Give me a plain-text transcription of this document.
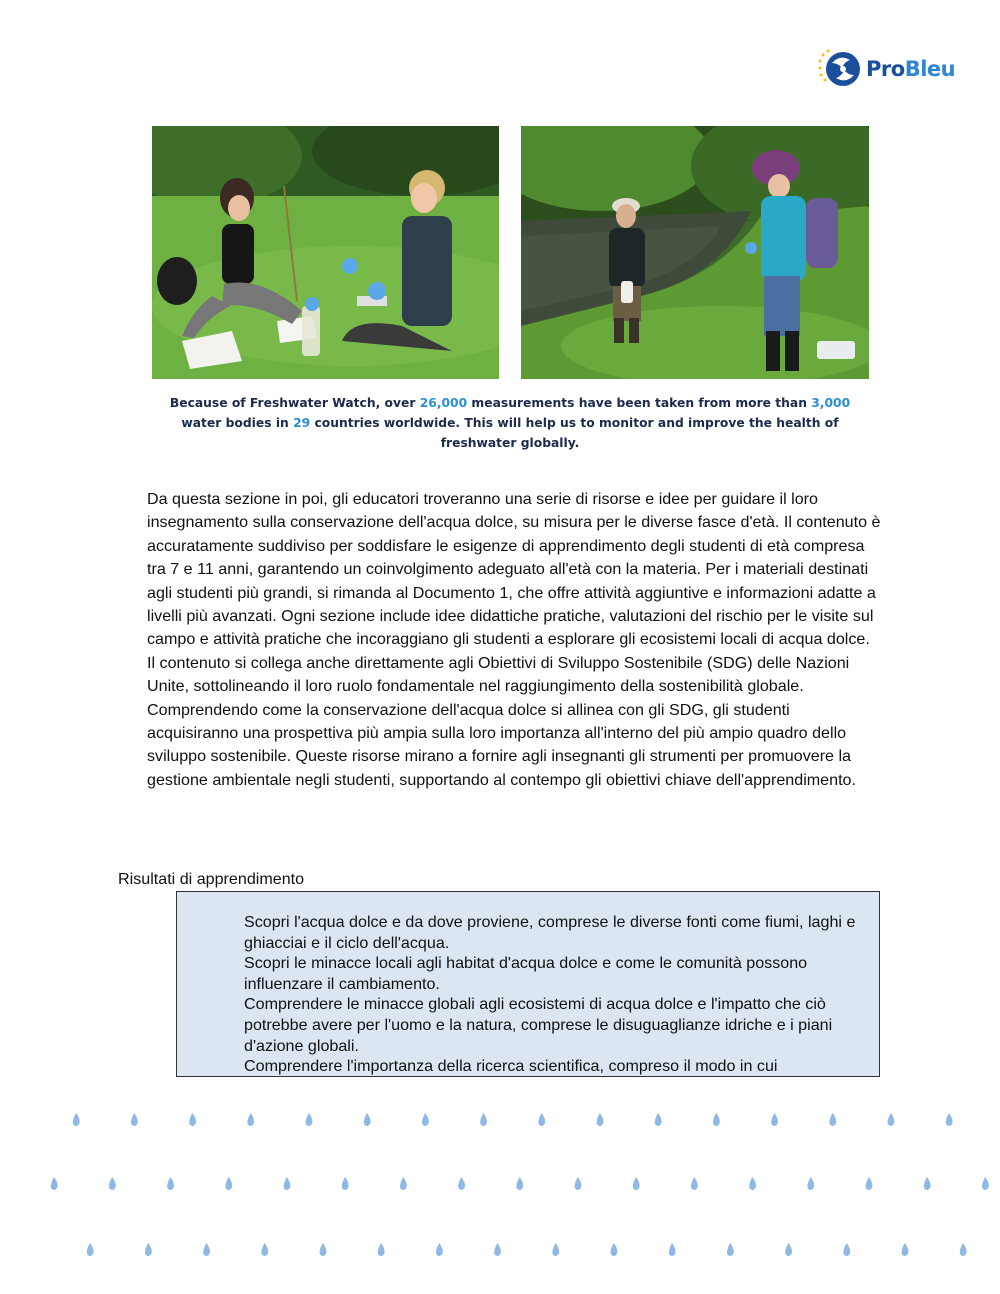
ProBleu
Because of Freshwater Watch, over 26,000 measurements have been taken from more than 3,000 water bodies in 29 countries worldwide. This will help us to monitor and improve the health of freshwater globally.
Da questa sezione in poi, gli educatori troveranno una serie di risorse e idee per guidare il loro insegnamento sulla conservazione dell'acqua dolce, su misura per le diverse fasce d'età. Il contenuto è accuratamente suddiviso per soddisfare le esigenze di apprendimento degli studenti di età compresa tra 7 e 11 anni, garantendo un coinvolgimento adeguato all'età con la materia. Per i materiali destinati agli studenti più grandi, si rimanda al Documento 1, che offre attività aggiuntive e informazioni adatte a livelli più avanzati. Ogni sezione include idee didattiche pratiche, valutazioni del rischio per le visite sul campo e attività pratiche che incoraggiano gli studenti a esplorare gli ecosistemi locali di acqua dolce. Il contenuto si collega anche direttamente agli Obiettivi di Sviluppo Sostenibile (SDG) delle Nazioni Unite, sottolineando il loro ruolo fondamentale nel raggiungimento della sostenibilità globale. Comprendendo come la conservazione dell'acqua dolce si allinea con gli SDG, gli studenti acquisiranno una prospettiva più ampia sulla loro importanza all'interno del più ampio quadro dello sviluppo sostenibile. Queste risorse mirano a fornire agli insegnanti gli strumenti per promuovere la gestione ambientale negli studenti, supportando al contempo gli obiettivi chiave dell'apprendimento.
Risultati di apprendimento
Scopri l'acqua dolce e da dove proviene, comprese le diverse fonti come fiumi, laghi e ghiacciai e il ciclo dell'acqua.
Scopri le minacce locali agli habitat d'acqua dolce e come le comunità possono influenzare il cambiamento.
Comprendere le minacce globali agli ecosistemi di acqua dolce e l'impatto che ciò potrebbe avere per l'uomo e la natura, comprese le disuguaglianze idriche e i piani d'azione globali.
Comprendere l'importanza della ricerca scientifica, compreso il modo in cui
